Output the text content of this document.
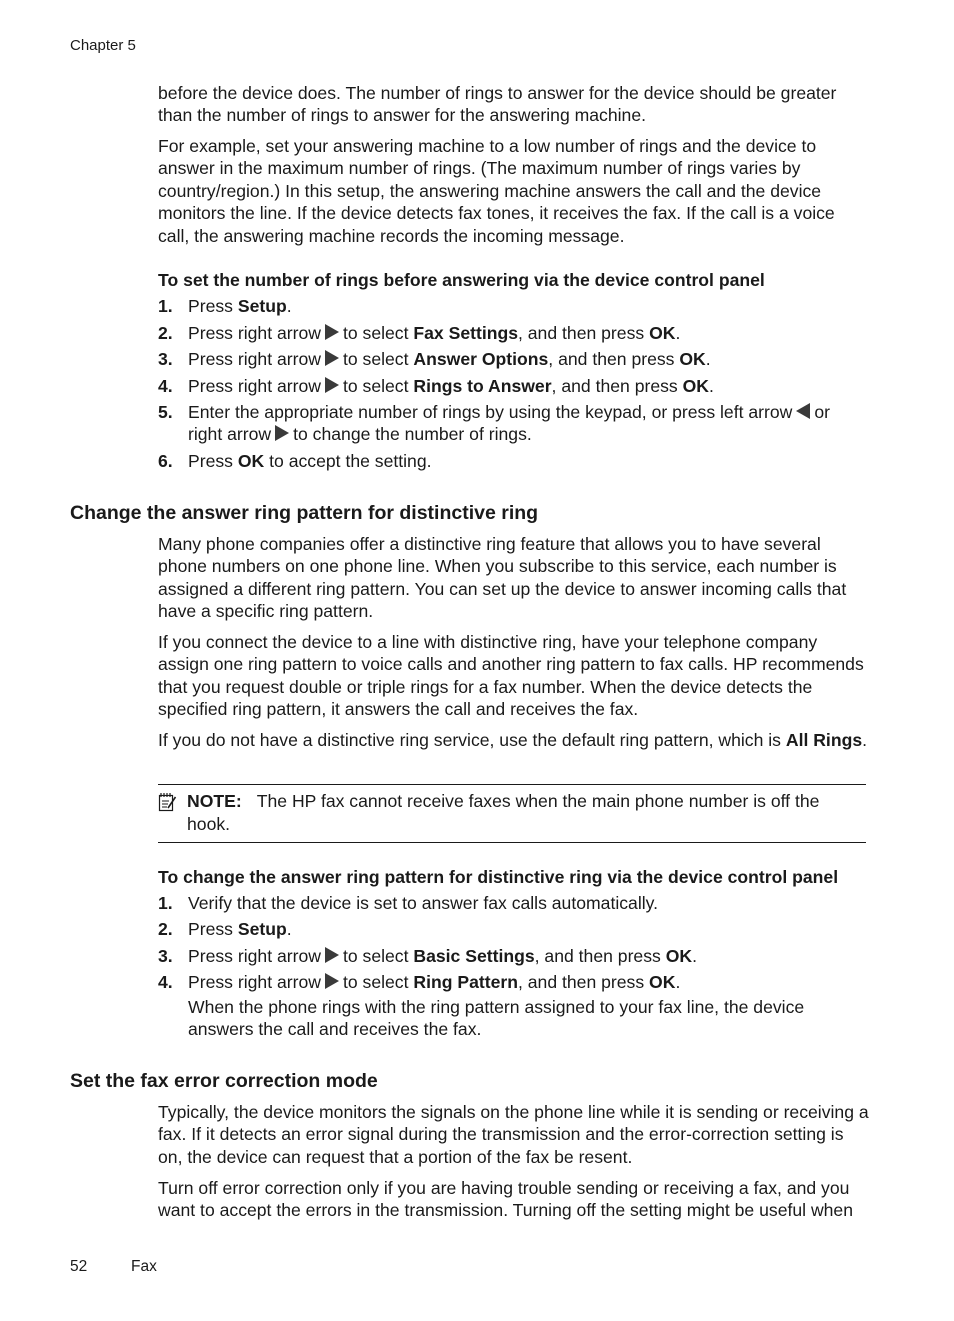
Chapter 5

before the device does. The number of rings to answer for the device should be greater than the number of rings to answer for the answering machine.

For example, set your answering machine to a low number of rings and the device to answer in the maximum number of rings. (The maximum number of rings varies by country/region.) In this setup, the answering machine answers the call and the device monitors the line. If the device detects fax tones, it receives the fax. If the call is a voice call, the answering machine records the incoming message.

To set the number of rings before answering via the device control panel
1. Press Setup.
2. Press right arrow to select Fax Settings, and then press OK.
3. Press right arrow to select Answer Options, and then press OK.
4. Press right arrow to select Rings to Answer, and then press OK.
5. Enter the appropriate number of rings by using the keypad, or press left arrow or
right arrow to change the number of rings.
6. Press OK to accept the setting.
Change the answer ring pattern for distinctive ring

Many phone companies offer a distinctive ring feature that allows you to have several phone numbers on one phone line. When you subscribe to this service, each number is assigned a different ring pattern. You can set up the device to answer incoming calls that have a specific ring pattern.

If you connect the device to a line with distinctive ring, have your telephone company assign one ring pattern to voice calls and another ring pattern to fax calls. HP recommends that you request double or triple rings for a fax number. When the device detects the specified ring pattern, it answers the call and receives the fax.

If you do not have a distinctive ring service, use the default ring pattern, which is All Rings.

NOTE: The HP fax cannot receive faxes when the main phone number is off the hook.
To change the answer ring pattern for distinctive ring via the device control panel
1. Verify that the device is set to answer fax calls automatically.
2. Press Setup.
3. Press right arrow to select Basic Settings, and then press OK.
4. Press right arrow to select Ring Pattern, and then press OK.
When the phone rings with the ring pattern assigned to your fax line, the device answers the call and receives the fax.
Set the fax error correction mode

Typically, the device monitors the signals on the phone line while it is sending or receiving a fax. If it detects an error signal during the transmission and the error-correction setting is on, the device can request that a portion of the fax be resent.

Turn off error correction only if you are having trouble sending or receiving a fax, and you want to accept the errors in the transmission. Turning off the setting might be useful when

52	Fax
